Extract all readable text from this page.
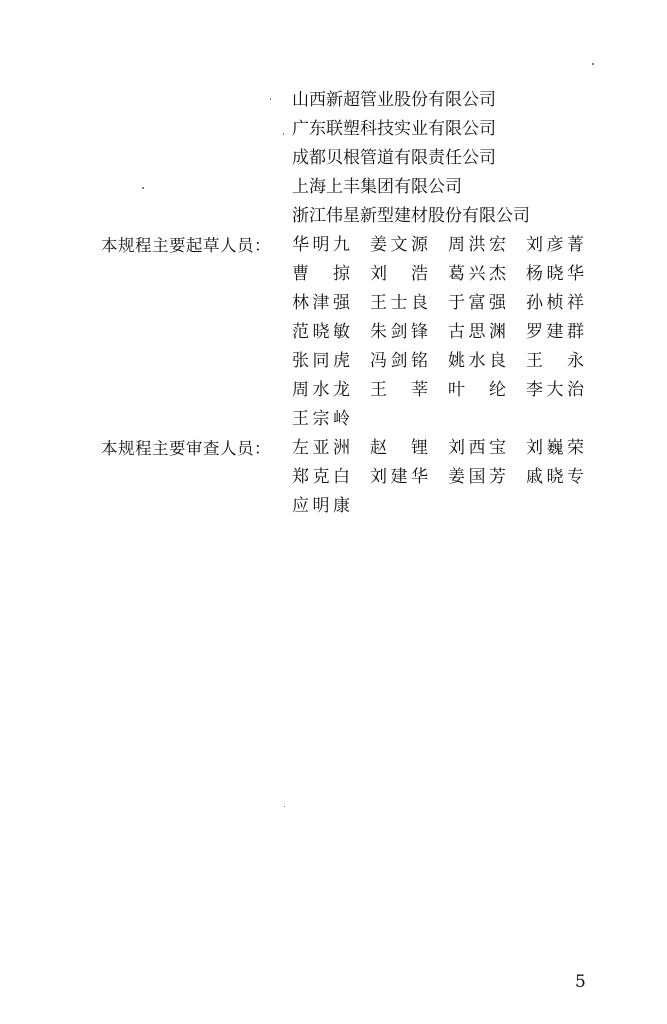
山西新超管业股份有限公司
广东联塑科技实业有限公司
成都贝根管道有限责任公司
上海上丰集团有限公司
浙江伟星新型建材股份有限公司
本规程主要起草人员： 华明九 姜文源 周洪宏 刘彦菁
曹　掠 刘　浩 葛兴杰 杨晓华
林津强 王士良 于富强 孙桢祥
范晓敏 朱剑锋 古思渊 罗建群
张同虎 冯剑铭 姚水良 王　永
周水龙 王　莘 叶　纶 李大治
王宗岭
本规程主要审查人员： 左亚洲 赵　锂 刘西宝 刘巍荣
郑克白 刘建华 姜国芳 戚晓专
应明康
5
